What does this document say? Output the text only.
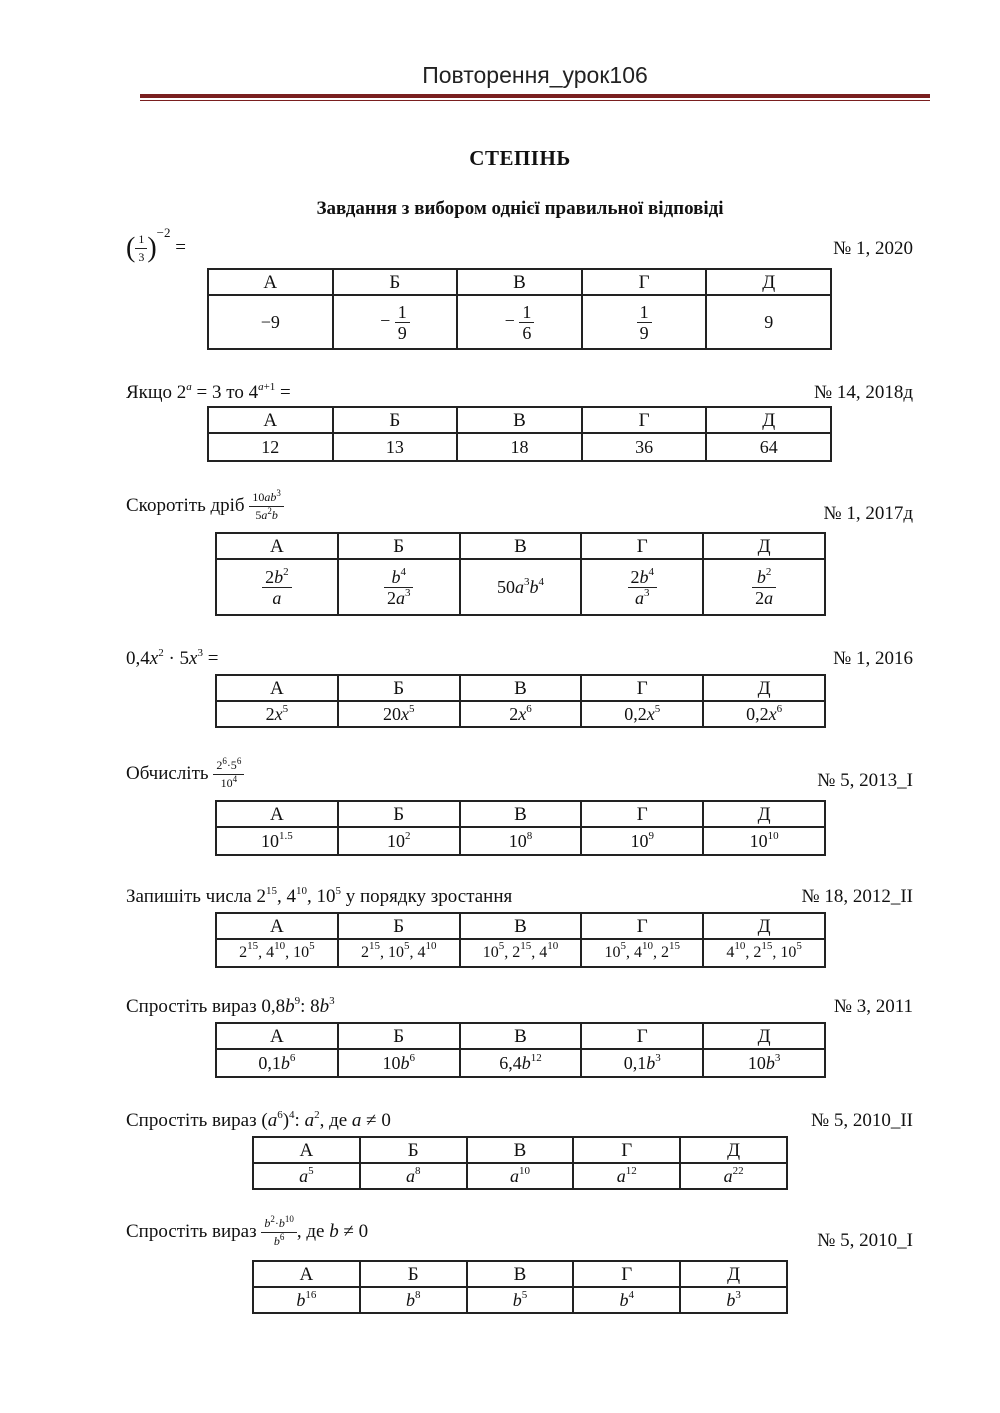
Повторення_урок106
СТЕПІНЬ
Завдання з вибором однієї правильної відповіді
( $\frac{1}{3} )^{-2}$ =	№ 1, 2020
А	Б	В	Г	Д
−9	− $\frac{1}{9}$	− $\frac{1}{6}$	$\frac{1}{9}$	9
Якщо $2^a = 3$ то $4^{a+1}$ =	№ 14, 2018д
А	Б	В	Г	Д
12	13	18	36	64
Скоротіть дріб $\frac{10ab^3}{5a^2b}$	№ 1, 2017д
А	Б	В	Г	Д

$\frac{2b^2}{a}$	$\frac{b^4}{2a^3}$	$50a^3b^4$	$\frac{2b^4}{a^3}$	$\frac{b^2}{2a}$
$0,4x^2 \cdot 5x^3$ =	№ 1, 2016
А	Б	В	Г	Д
$2x^5$	$20x^5$	$2x^6$	$0,2x^5$	$0,2x^6$
Обчисліть $\frac{2^6\cdot 5^6}{10^4}$	№ 5, 2013_I
А	Б	В	Г	Д
$10^{1.5}$	$10^2$	$10^8$	$10^9$	$10^{10}$
Запишіть числа $2^{15}$, $4^{10}$, $10^5$ у порядку зростання	№ 18, 2012_II
А	Б	В	Г	Д
$2^{15}$, $4^{10}$, $10^5$	$2^{15}$, $10^5$, $4^{10}$	$10^5$, $2^{15}$, $4^{10}$	$10^5$, $4^{10}$, $2^{15}$	$4^{10}$, $2^{15}$, $10^5$
Спростіть вираз $0,8b^9$: $8b^3$	№ 3, 2011
А	Б	В	Г	Д
$0,1b^6$	$10b^6$	$6,4b^{12}$	$0,1b^3$	$10b^3$
Спростіть вираз $(a^6)^4$: $a^2$, де a ≠ 0	№ 5, 2010_II
А	Б	В	Г	Д
$a^5$	$a^8$	$a^{10}$	$a^{12}$	$a^{22}$
Спростіть вираз $\frac{b^2\cdot b^{10}}{b^6}$ , де b ≠ 0	№ 5, 2010_I
А	Б	В	Г	Д
$b^{16}$	$b^8$	$b^5$	$b^4$	$b^3$
